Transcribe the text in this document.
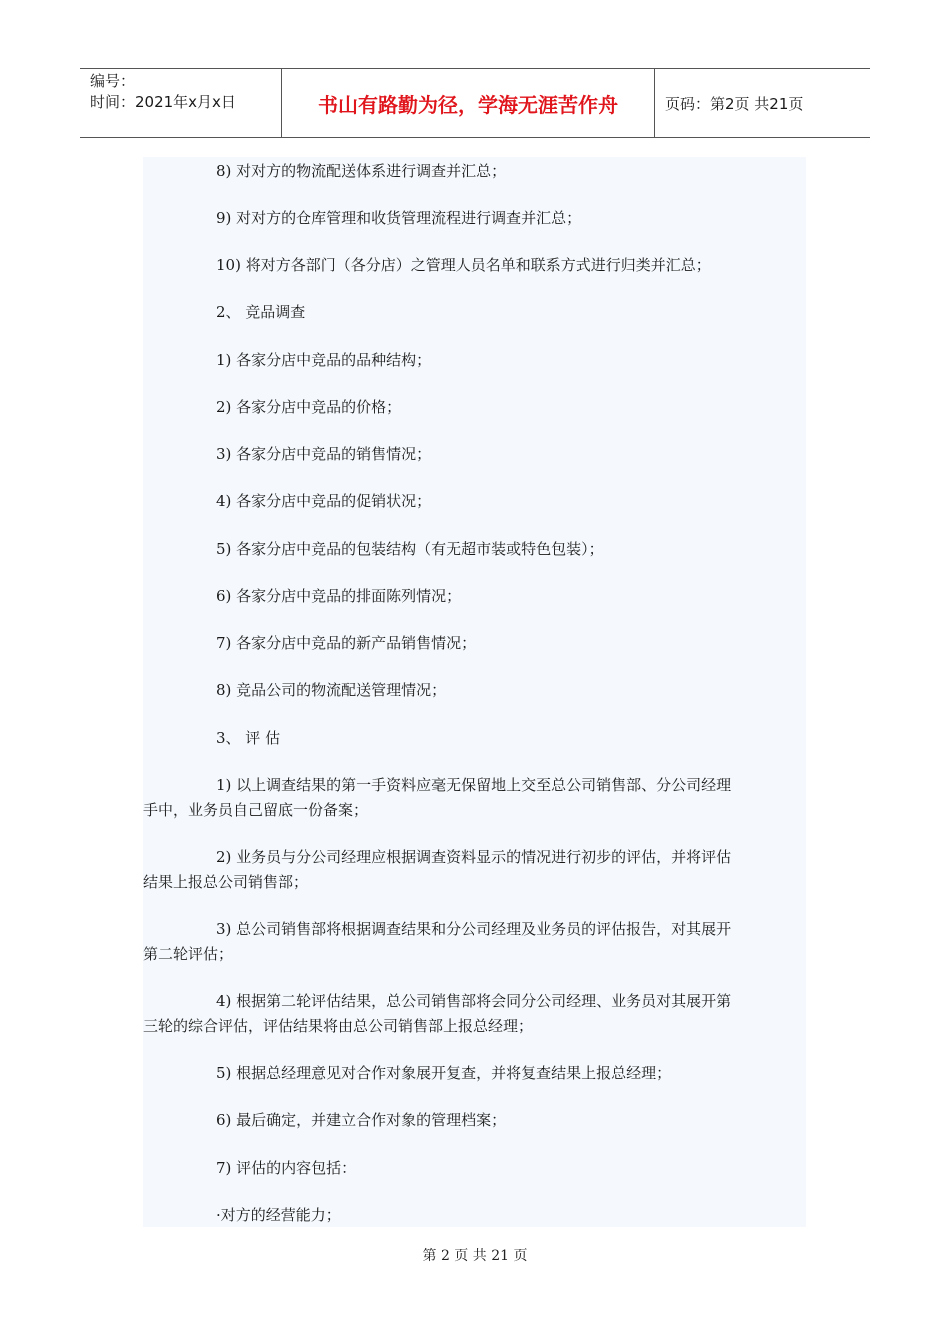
编号：
时间：2021年x月x日	书山有路勤为径，学海无涯苦作舟	页码：第2页 共21页
8) 对对方的物流配送体系进行调查并汇总；
9) 对对方的仓库管理和收货管理流程进行调查并汇总；
10) 将对方各部门（各分店）之管理人员名单和联系方式进行归类并汇总；
2、 竞品调查
1) 各家分店中竞品的品种结构；
2) 各家分店中竞品的价格；
3) 各家分店中竞品的销售情况；
4) 各家分店中竞品的促销状况；
5) 各家分店中竞品的包装结构（有无超市装或特色包装）；
6) 各家分店中竞品的排面陈列情况；
7) 各家分店中竞品的新产品销售情况；
8) 竞品公司的物流配送管理情况；
3、 评 估
1) 以上调查结果的第一手资料应毫无保留地上交至总公司销售部、分公司经理
手中，业务员自己留底一份备案；
2) 业务员与分公司经理应根据调查资料显示的情况进行初步的评估，并将评估
结果上报总公司销售部；
3) 总公司销售部将根据调查结果和分公司经理及业务员的评估报告，对其展开
第二轮评估；
4) 根据第二轮评估结果，总公司销售部将会同分公司经理、业务员对其展开第
三轮的综合评估，评估结果将由总公司销售部上报总经理；
5) 根据总经理意见对合作对象展开复查，并将复查结果上报总经理；
6) 最后确定，并建立合作对象的管理档案；
7) 评估的内容包括：
·对方的经营能力；
第 2 页 共 21 页
